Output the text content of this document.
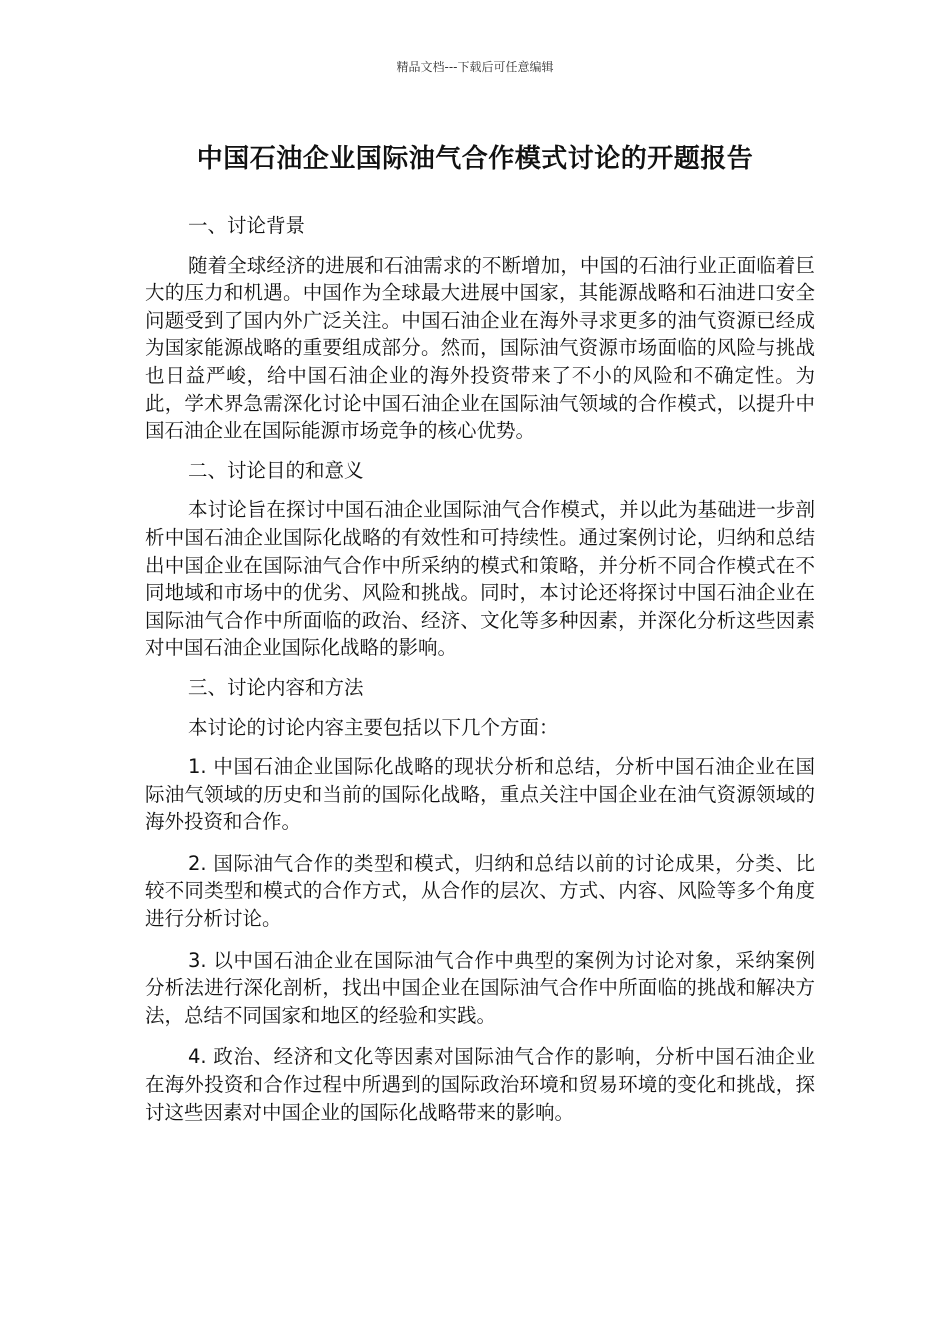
精品文档---下载后可任意编辑
中国石油企业国际油气合作模式讨论的开题报告
一、讨论背景

随着全球经济的进展和石油需求的不断增加，中国的石油行业正面临着巨大的压力和机遇。中国作为全球最大进展中国家，其能源战略和石油进口安全问题受到了国内外广泛关注。中国石油企业在海外寻求更多的油气资源已经成为国家能源战略的重要组成部分。然而，国际油气资源市场面临的风险与挑战也日益严峻，给中国石油企业的海外投资带来了不小的风险和不确定性。为此，学术界急需深化讨论中国石油企业在国际油气领域的合作模式，以提升中国石油企业在国际能源市场竞争的核心优势。

二、讨论目的和意义

本讨论旨在探讨中国石油企业国际油气合作模式，并以此为基础进一步剖析中国石油企业国际化战略的有效性和可持续性。通过案例讨论，归纳和总结出中国企业在国际油气合作中所采纳的模式和策略，并分析不同合作模式在不同地域和市场中的优劣、风险和挑战。同时，本讨论还将探讨中国石油企业在国际油气合作中所面临的政治、经济、文化等多种因素，并深化分析这些因素对中国石油企业国际化战略的影响。

三、讨论内容和方法

本讨论的讨论内容主要包括以下几个方面：

1. 中国石油企业国际化战略的现状分析和总结，分析中国石油企业在国际油气领域的历史和当前的国际化战略，重点关注中国企业在油气资源领域的海外投资和合作。

2. 国际油气合作的类型和模式，归纳和总结以前的讨论成果，分类、比较不同类型和模式的合作方式，从合作的层次、方式、内容、风险等多个角度进行分析讨论。

3. 以中国石油企业在国际油气合作中典型的案例为讨论对象，采纳案例分析法进行深化剖析，找出中国企业在国际油气合作中所面临的挑战和解决方法，总结不同国家和地区的经验和实践。

4. 政治、经济和文化等因素对国际油气合作的影响，分析中国石油企业在海外投资和合作过程中所遇到的国际政治环境和贸易环境的变化和挑战，探讨这些因素对中国企业的国际化战略带来的影响。
